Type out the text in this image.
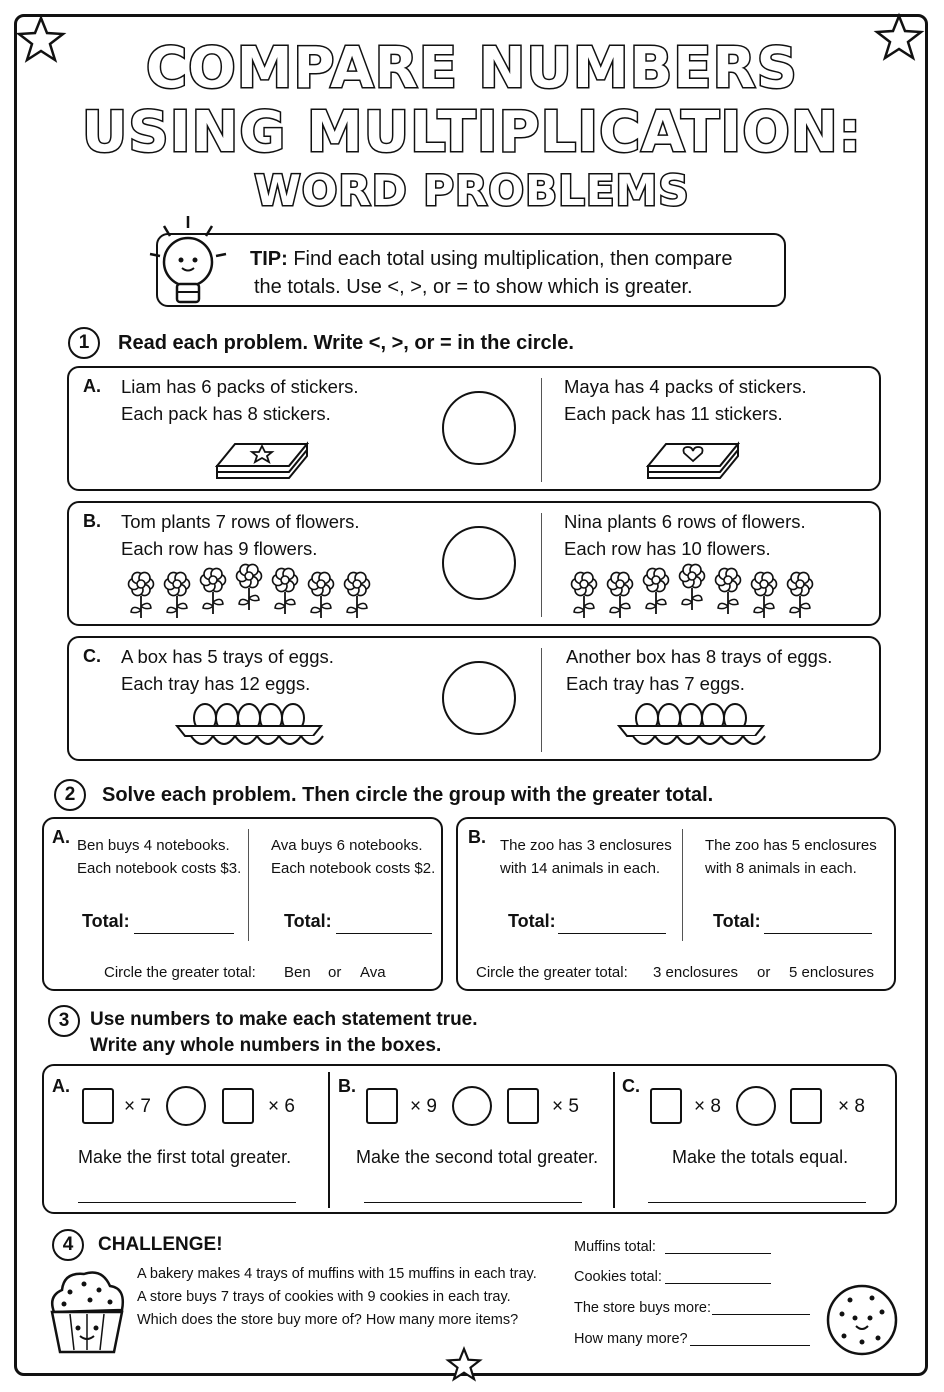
COMPARE NUMBERS
USING MULTIPLICATION:
WORD PROBLEMS
TIP: Find each total using multiplication, then compare
the totals. Use <, >, or = to show which is greater.
1	Read each problem. Write <, >, or = in the circle.
A. Liam has 6 packs of stickers.
Each pack has 8 stickers.
Maya has 4 packs of stickers.
Each pack has 11 stickers.
B. Tom plants 7 rows of flowers.
Each row has 9 flowers.
Nina plants 6 rows of flowers.
Each row has 10 flowers.
C. A box has 5 trays of eggs.
Each tray has 12 eggs.
Another box has 8 trays of eggs.
Each tray has 7 eggs.
2	Solve each problem. Then circle the group with the greater total.
A. Ben buys 4 notebooks.
Each notebook costs $3.
Ava buys 6 notebooks.
Each notebook costs $2.
Total:	Total:
Circle the greater total: Ben or Ava
B. The zoo has 3 enclosures
with 14 animals in each.
The zoo has 5 enclosures
with 8 animals in each.
Total:	Total:
Circle the greater total: 3 enclosures or 5 enclosures
3	Use numbers to make each statement true.
Write any whole numbers in the boxes.
A.
× 7	× 6
Make the first total greater.
B.
× 9	× 5
Make the second total greater.
C.
× 8	× 8
Make the totals equal.
4	CHALLENGE!
A bakery makes 4 trays of muffins with 15 muffins in each tray.
A store buys 7 trays of cookies with 9 cookies in each tray.
Which does the store buy more of? How many more items?
Muffins total:
Cookies total:
The store buys more:
How many more?
